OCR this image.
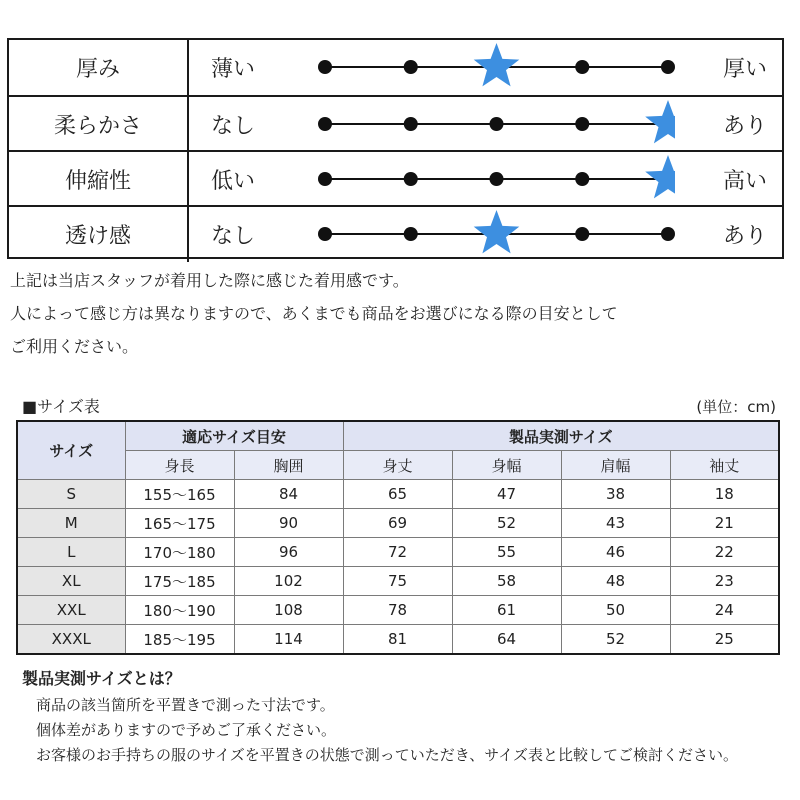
厚み	薄い	厚い
柔らかさ	なし	あり
伸縮性	低い	高い
透け感	なし	あり
上記は当店スタッフが着用した際に感じた着用感です。
人によって感じ方は異なりますので、あくまでも商品をお選びになる際の目安として
ご利用ください。
■サイズ表	(単位：cm)
サイズ	適応サイズ目安		製品実測サイズ			
	身長	胸囲	身丈	身幅	肩幅	袖丈
S	155～165	84	65	47	38	18
M	165～175	90	69	52	43	21
L	170～180	96	72	55	46	22
XL	175～185	102	75	58	48	23
XXL	180～190	108	78	61	50	24
XXXL	185～195	114	81	64	52	25
製品実測サイズとは？
商品の該当箇所を平置きで測った寸法です。
個体差がありますので予めご了承ください。
お客様のお手持ちの服のサイズを平置きの状態で測っていただき、サイズ表と比較してご検討ください。
